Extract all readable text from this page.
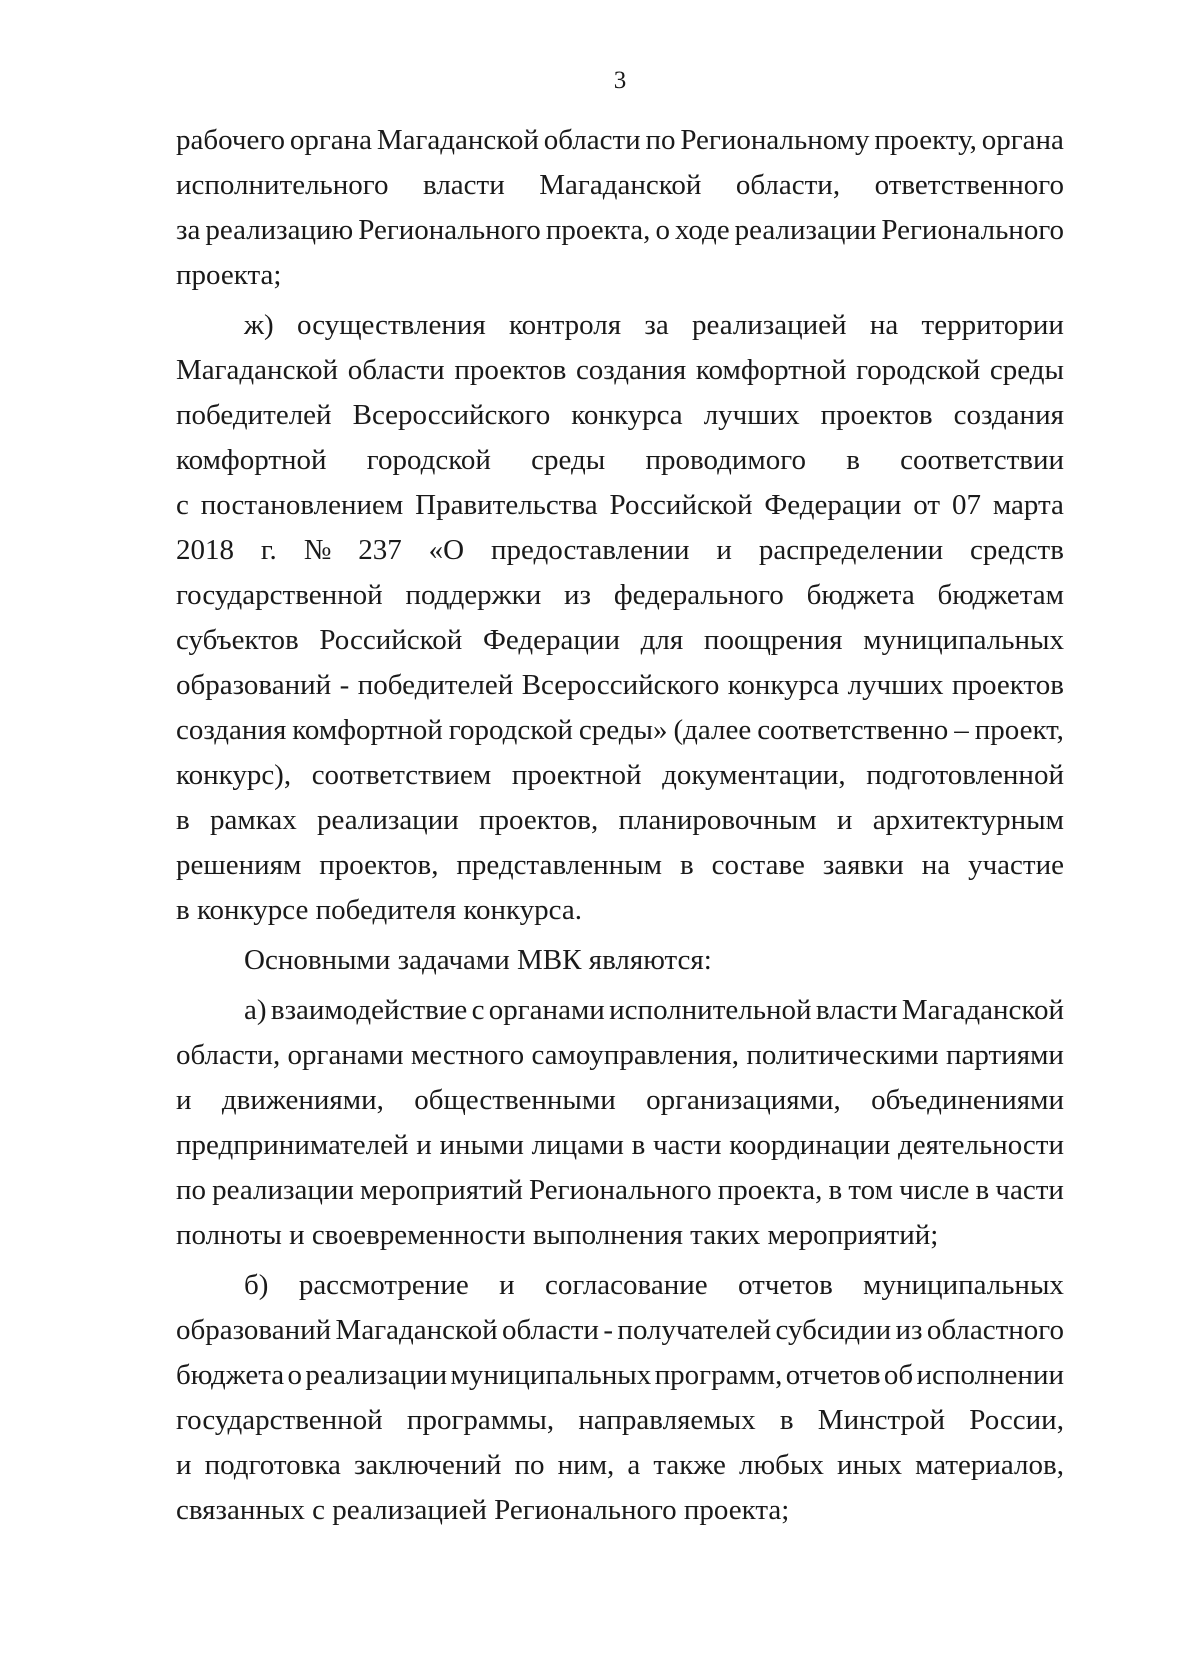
3
рабочего органа Магаданской области по Региональному проекту, органа
исполнительного власти Магаданской области, ответственного
за реализацию Регионального проекта, о ходе реализации Регионального
проекта;
ж) осуществления контроля за реализацией на территории
Магаданской области проектов создания комфортной городской среды
победителей Всероссийского конкурса лучших проектов создания
комфортной городской среды проводимого в соответствии
с постановлением Правительства Российской Федерации от 07 марта
2018 г. № 237 «О предоставлении и распределении средств
государственной поддержки из федерального бюджета бюджетам
субъектов Российской Федерации для поощрения муниципальных
образований - победителей Всероссийского конкурса лучших проектов
создания комфортной городской среды» (далее соответственно – проект,
конкурс), соответствием проектной документации, подготовленной
в рамках реализации проектов, планировочным и архитектурным
решениям проектов, представленным в составе заявки на участие
в конкурсе победителя конкурса.
Основными задачами МВК являются:
а) взаимодействие с органами исполнительной власти Магаданской
области, органами местного самоуправления, политическими партиями
и движениями, общественными организациями, объединениями
предпринимателей и иными лицами в части координации деятельности
по реализации мероприятий Регионального проекта, в том числе в части
полноты и своевременности выполнения таких мероприятий;
б) рассмотрение и согласование отчетов муниципальных
образований Магаданской области - получателей субсидии из областного
бюджета о реализации муниципальных программ, отчетов об исполнении
государственной программы, направляемых в Минстрой России,
и подготовка заключений по ним, а также любых иных материалов,
связанных с реализацией Регионального проекта;
